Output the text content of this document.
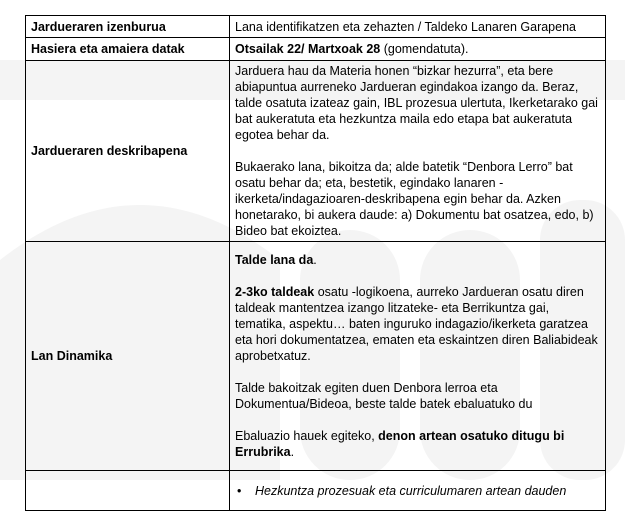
Jardueraren izenburua	Lana identifikatzen eta zehazten / Taldeko Lanaren Garapena
Hasiera eta amaiera datak	Otsailak 22/ Martxoak 28 (gomendatuta).
Jardueraren deskribapena	Jarduera hau da Materia honen “bizkar hezurra”, eta bere abiapuntua aurreneko Jardueran egindakoa izango da. Beraz, talde osatuta izateaz gain, IBL prozesua ulertuta, Ikerketarako gai bat aukeratuta eta hezkuntza maila edo etapa bat aukeratuta egotea behar da.

Bukaerako lana, bikoitza da; alde batetik “Denbora Lerro” bat osatu behar da; eta, bestetik, egindako lanaren -ikerketa/indagazioaren-deskribapena egin behar da. Azken honetarako, bi aukera daude: a) Dokumentu bat osatzea, edo, b) Bideo bat ekoiztea.

Lan Dinamika	Talde lana da.

2-3ko taldeak osatu -logikoena, aurreko Jardueran osatu diren taldeak mantentzea izango litzateke- eta Berrikuntza gai, tematika, aspektu… baten inguruko indagazio/ikerketa garatzea eta hori dokumentatzea, ematen eta eskaintzen diren Baliabideak aprobetxatuz.

Talde bakoitzak egiten duen Denbora lerroa eta Dokumentua/Bideoa, beste talde batek ebaluatuko du

Ebaluazio hauek egiteko, denon artean osatuko ditugu bi Errubrika.

	• Hezkuntza prozesuak eta curriculumaren artean dauden
